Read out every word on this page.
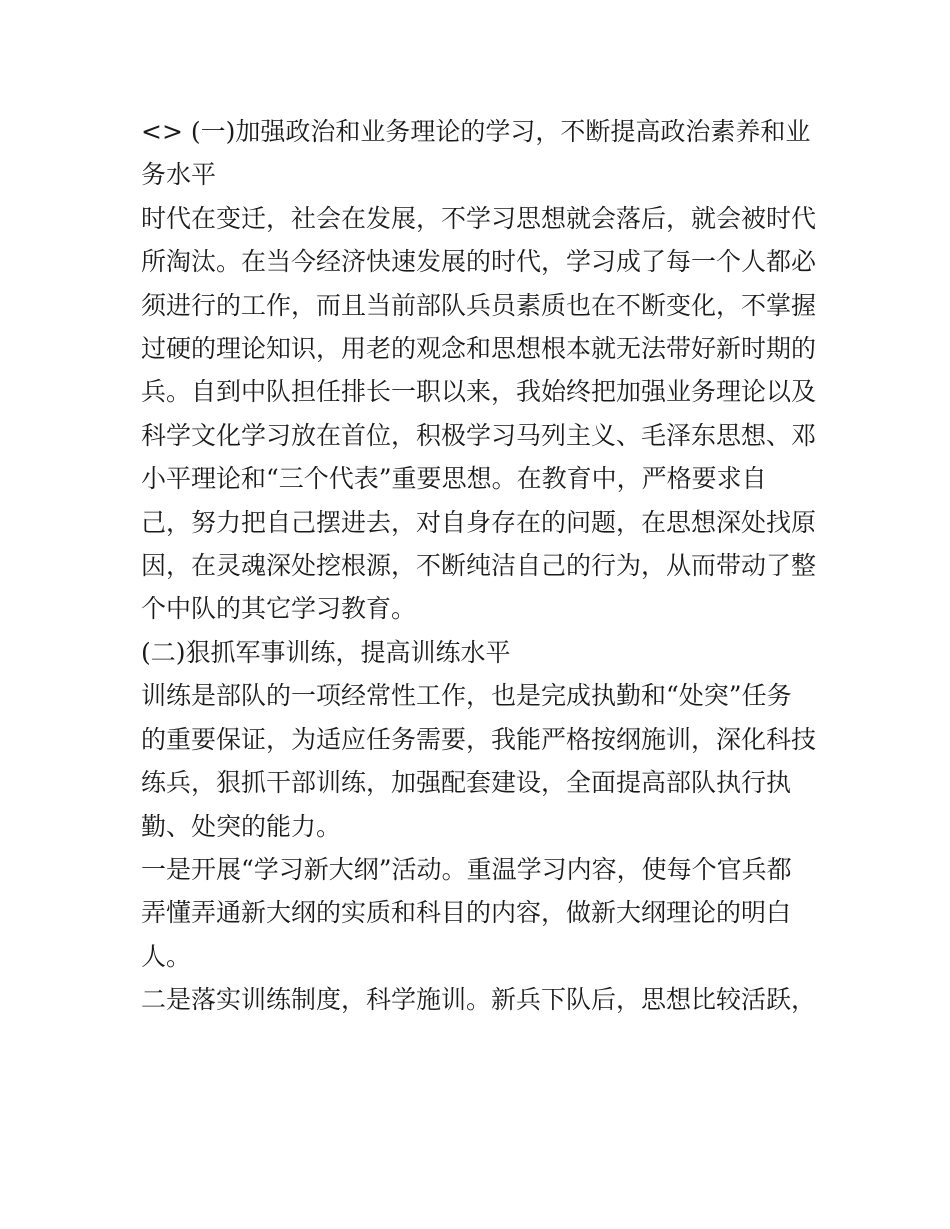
<> (一)加强政治和业务理论的学习，不断提高政治素养和业务水平

时代在变迁，社会在发展，不学习思想就会落后，就会被时代所淘汰。在当今经济快速发展的时代，学习成了每一个人都必须进行的工作，而且当前部队兵员素质也在不断变化，不掌握过硬的理论知识，用老的观念和思想根本就无法带好新时期的兵。自到中队担任排长一职以来，我始终把加强业务理论以及科学文化学习放在首位，积极学习马列主义、毛泽东思想、邓小平理论和“三个代表”重要思想。在教育中，严格要求自己，努力把自己摆进去，对自身存在的问题，在思想深处找原因，在灵魂深处挖根源，不断纯洁自己的行为，从而带动了整个中队的其它学习教育。

(二)狠抓军事训练，提高训练水平

训练是部队的一项经常性工作，也是完成执勤和“处突”任务的重要保证，为适应任务需要，我能严格按纲施训，深化科技练兵，狠抓干部训练，加强配套建设，全面提高部队执行执勤、处突的能力。

一是开展“学习新大纲”活动。重温学习内容，使每个官兵都弄懂弄通新大纲的实质和科目的内容，做新大纲理论的明白人。

二是落实训练制度，科学施训。新兵下队后，思想比较活跃，
